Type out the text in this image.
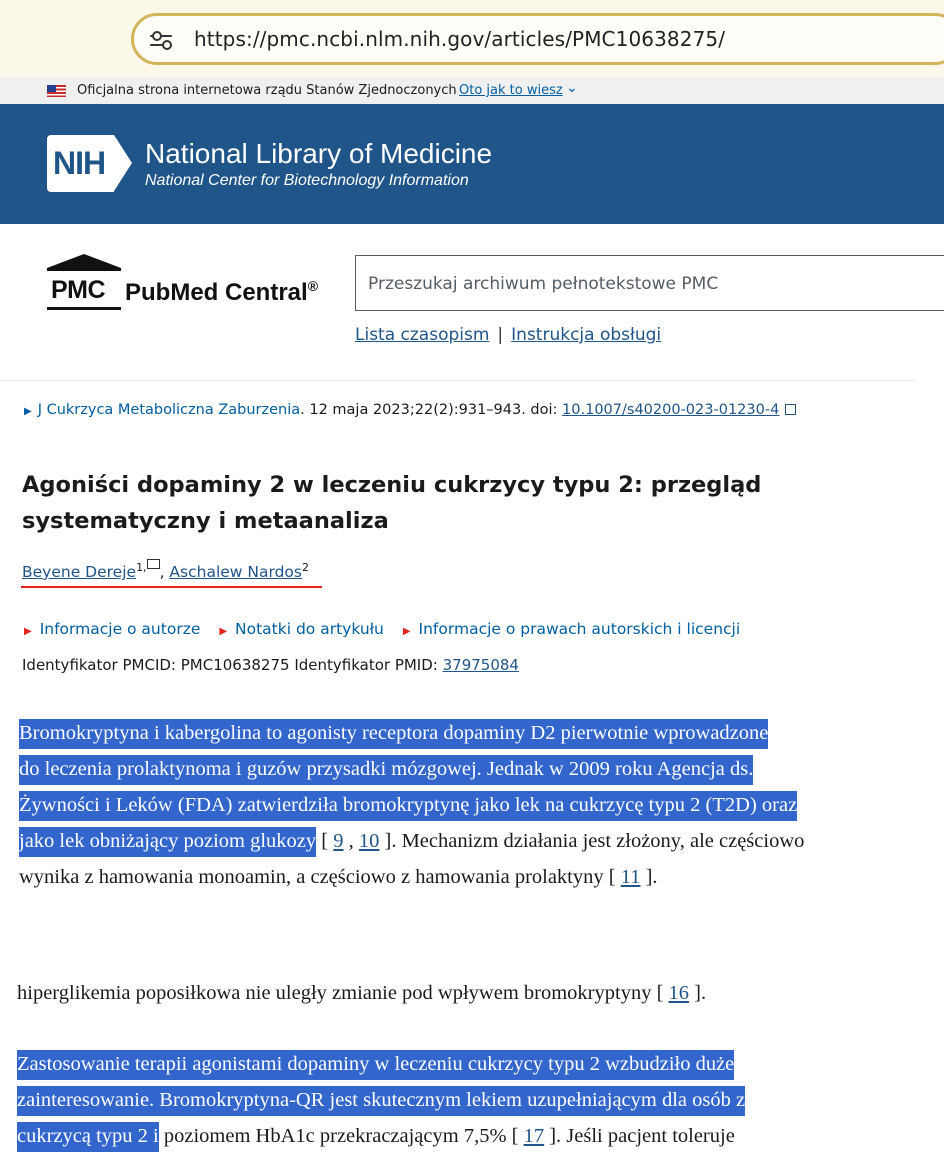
https://pmc.ncbi.nlm.nih.gov/articles/PMC10638275/
Oficjalna strona internetowa rządu Stanów Zjednoczonych Oto jak to wiesz ⌄
NIH National Library of Medicine
National Center for Biotechnology Information
PMC PubMed Central®
Przeszukaj archiwum pełnotekstowe PMC
Lista czasopism | Instrukcja obsługi
▶ J Cukrzyca Metaboliczna Zaburzenia. 12 maja 2023;22(2):931–943. doi: 10.1007/s40200-023-01230-4
Agoniści dopaminy 2 w leczeniu cukrzycy typu 2: przegląd systematyczny i metaanaliza
Beyene Dereje$^{1,}$ , Aschalew Nardos$^2$
▶ Informacje o autorze ▶ Notatki do artykułu ▶ Informacje o prawach autorskich i licencji
Identyfikator PMCID: PMC10638275 Identyfikator PMID: 37975084
Bromokryptyna i kabergolina to agonisty receptora dopaminy D2 pierwotnie wprowadzone
do leczenia prolaktynoma i guzów przysadki mózgowej. Jednak w 2009 roku Agencja ds.
Żywności i Leków (FDA) zatwierdziła bromokryptynę jako lek na cukrzycę typu 2 (T2D) oraz
jako lek obniżający poziom glukozy [ 9 , 10 ]. Mechanizm działania jest złożony, ale częściowo
wynika z hamowania monoamin, a częściowo z hamowania prolaktyny [ 11 ].
hiperglikemia poposiłkowa nie uległy zmianie pod wpływem bromokryptyny [ 16 ].
Zastosowanie terapii agonistami dopaminy w leczeniu cukrzycy typu 2 wzbudziło duże
zainteresowanie. Bromokryptyna-QR jest skutecznym lekiem uzupełniającym dla osób z
cukrzycą typu 2 i poziomem HbA1c przekraczającym 7,5% [ 17 ]. Jeśli pacjent toleruje
